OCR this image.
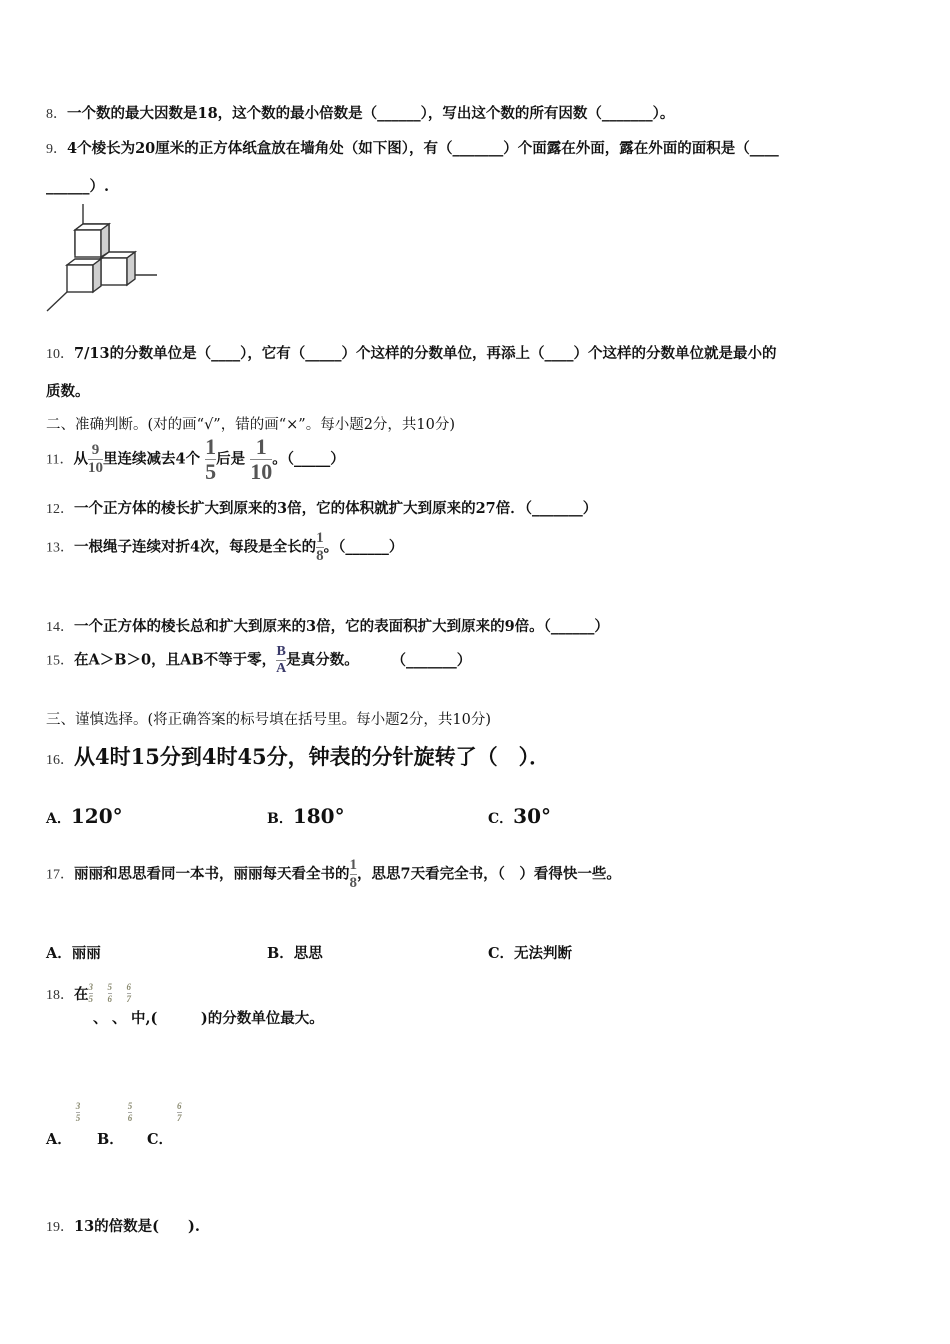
8．一个数的最大因数是18，这个数的最小倍数是（______），写出这个数的所有因数（_______）。
9．4个棱长为20厘米的正方体纸盒放在墙角处（如下图），有（_______）个面露在外面，露在外面的面积是（____
______）.
10．7/13的分数单位是（____），它有（_____）个这样的分数单位，再添上（____）个这样的分数单位就是最小的
质数。
二、准确判断。(对的画“√”，错的画“×”。每小题2分，共10分)
11．从 $\frac{9}{10}$ 里连续减去4个 $\frac{1}{5}$ 后是 $\frac{1}{10}$ 。（_____）
12．一个正方体的棱长扩大到原来的3倍，它的体积就扩大到原来的27倍．（_______）
13．一根绳子连续对折4次，每段是全长的 $\frac{1}{8}$ 。（______）
14．一个正方体的棱长总和扩大到原来的3倍，它的表面积扩大到原来的9倍。（______）
15．在A＞B＞0，且AB不等于零， $\frac{B}{A}$ 是真分数。	（_______）
三、谨慎选择。(将正确答案的标号填在括号里。每小题2分，共10分)
16．从4时15分到4时45分，钟表的分针旋转了（　）．
A．120°	B．180°	C．30°
17．丽丽和思思看同一本书，丽丽每天看全书的 $\frac{1}{8}$ ，思思7天看完全书，（　）看得快一些。
A．丽丽	B．思思	C．无法判断
18．在 $\frac{3}{5}$
、
$\frac{5}{6}$
、
$\frac{6}{7}$
中,(　　　)的分数单位最大。
A．
$\frac{3}{5}$
B．
$\frac{5}{6}$
C．
$\frac{6}{7}$
19．13的倍数是(　　).
